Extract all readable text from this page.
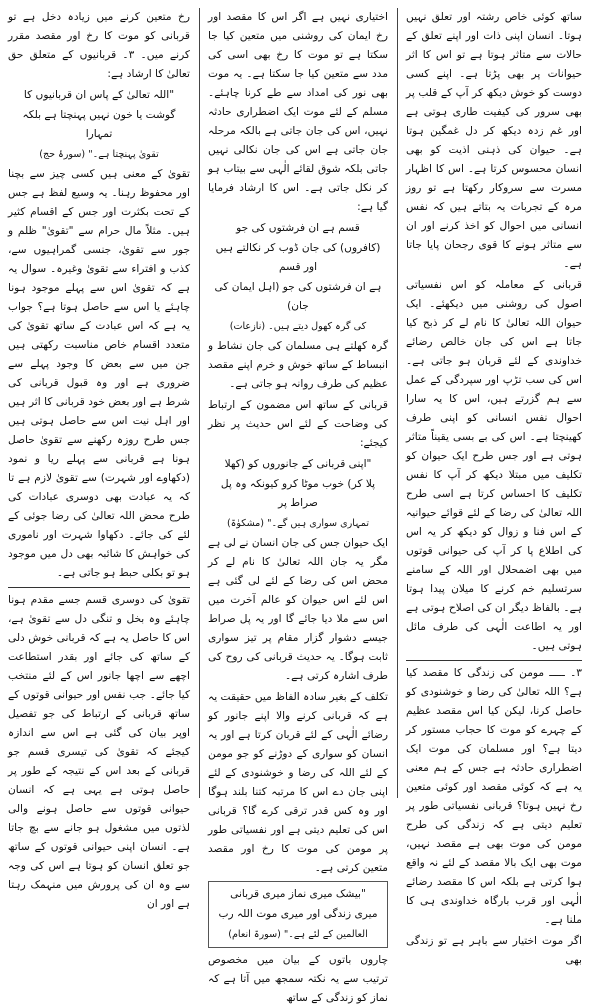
ساتھ کوئی خاص رشتہ اور تعلق نہیں ہوتا۔ انسان اپنی ذات اور اپنے تعلق کے حالات سے متاثر ہوتا ہے تو اس کا اثر حیوانات پر بھی پڑتا ہے۔ اپنے کسی دوست کو خوش دیکھ کر آپ کے قلب پر بھی سرور کی کیفیت طاری ہوتی ہے اور غم زدہ دیکھ کر دل غمگین ہوتا ہے۔ حیوان کی ذہنی اذیت کو بھی انسان محسوس کرتا ہے۔ اس کا اظہار مسرت سے سروکار رکھتا ہے تو روز مرہ کے تجربات یہ بتاتے ہیں کہ نفس انسانی میں احوال کو اخذ کرنے اور ان سے متاثر ہونے کا قوی رجحان پایا جاتا ہے۔

قربانی کے معاملہ کو اس نفسیاتی اصول کی روشنی میں دیکھئے۔ ایک حیوان اللہ تعالیٰ کا نام لے کر ذبح کیا جاتا ہے اس کی جان خالص رضائے خداوندی کے لئے قربان ہو جاتی ہے۔ اس کی سب تڑپ اور سپردگی کے عمل سے ہم گزرتے ہیں، اس کا یہ سارا احوال نفس انسانی کو اپنی طرف کھینچتا ہے۔ اس کی بے بسی یقیناً متاثر ہوتی ہے اور جس طرح ایک حیوان کو تکلیف میں مبتلا دیکھ کر آپ کا نفس تکلیف کا احساس کرتا ہے اسی طرح اللہ تعالیٰ کی رضا کے لئے قوائے حیوانیہ کے اس فنا و زوال کو دیکھ کر یہ اس کی اطلاع پا کر آپ کی حیوانی قوتوں میں بھی اضمحلال اور اللہ کے سامنے سرتسلیم خم کرنے کا میلان پیدا ہوتا ہے۔ بالفاظ دیگر ان کی اصلاح ہوتی ہے اور یہ اطاعت الٰہی کی طرف مائل ہوتی ہیں۔

۳۔ ـــــ مومن کی زندگی کا مقصد کیا ہے؟ اللہ تعالیٰ کی رضا و خوشنودی کو حاصل کرنا، لیکن کیا اس مقصد عظیم کے چہرے کو موت کا حجاب مستور کر دیتا ہے؟ اور مسلمان کی موت ایک اضطراری حادثہ ہے جس کے ہم معنی یہ ہے کہ کوئی مقصد اور کوئی متعین رخ نہیں ہوتا؟ قربانی نفسیاتی طور پر تعلیم دیتی ہے کہ زندگی کی طرح مومن کی موت بھی ہے مقصد نہیں، موت بھی ایک بالا مقصد کے لئے نہ واقع ہوا کرتی ہے بلکہ اس کا مقصد رضائے الٰہی اور قرب بارگاہ خداوندی ہی کا ملنا ہے۔

اگر موت اختیار سے باہر ہے تو زندگی بھی

اختیاری نہیں ہے اگر اس کا مقصد اور رخ ایمان کی روشنی میں متعین کیا جا سکتا ہے تو موت کا رخ بھی اسی کی مدد سے متعین کیا جا سکتا ہے۔ یہ موت بھی نور کی امداد سے طے کرنا چاہئے۔ مسلم کے لئے موت ایک اضطراری حادثہ نہیں، اس کی جان جاتی ہے بالکہ مرحلہ جان جاتی ہے اس کی جان نکالی نہیں جاتی بلکہ شوق لقائے الٰہی سے بیتاب ہو کر نکل جاتی ہے۔ اس کا ارشاد فرمایا گیا ہے:

قسم ہے ان فرشتوں کی جو

(کافروں) کی جان ڈوب کر نکالتے ہیں اور قسم

ہے ان فرشتوں کی جو (اہل ایمان کی جان)

کی گرہ کھول دیتے ہیں۔ (نازعات)

گرہ کھلتے ہی مسلمان کی جان نشاط و انبساط کے ساتھ خوش و خرم اپنے مقصد عظیم کی طرف روانہ ہو جاتی ہے۔

قربانی کے ساتھ اس مضمون کے ارتباط کی وضاحت کے لئے اس حدیث پر نظر کیجئے:

"اپنی قربانی کے جانوروں کو (کھلا

پلا کر) خوب موٹا کرو کیونکہ وہ پل صراط پر

تمہاری سواری ہیں گے۔" (مشکوٰۃ)

ایک حیوان جس کی جان انسان نے لی ہے مگر یہ جان اللہ تعالیٰ کا نام لے کر محض اس کی رضا کے لئے لی گئی ہے اس لئے اس حیوان کو عالم آخرت میں اس سے ملا دیا جائے گا اور یہ پل صراط جیسے دشوار گزار مقام پر تیز سواری ثابت ہوگا۔ یہ حدیث قربانی کی روح کی طرف اشارہ کرتی ہے۔

تکلف کے بغیر سادہ الفاظ میں حقیقت یہ ہے کہ قربانی کرنے والا اپنے جانور کو رضائے الٰہی کے لئے قربان کرتا ہے اور یہ انسان کو سواری کے دوڑنے کو جو مومن کے لئے اللہ کی رضا و خوشنودی کے لئے اپنی جان دے اس کا مرتبہ کتنا بلند ہوگا اور وہ کس قدر ترقی کرے گا؟ قربانی اس کی تعلیم دیتی ہے اور نفسیاتی طور پر مومن کی موت کا رخ اور مقصد متعین کرتی ہے۔

"بیشک میری نماز میری قربانی

میری زندگی اور میری موت اللہ رب

العالمین کے لئے ہے۔" (سورۃ انعام)

چاروں باتوں کے بیان میں مخصوص ترتیب سے یہ نکتہ سمجھ میں آتا ہے کہ نماز کو زندگی کے ساتھ

رخ متعین کرنے میں زیادہ دخل ہے تو قربانی کو موت کا رخ اور مقصد مقرر کرنے میں۔ ۳۔ قربانیوں کے متعلق حق تعالیٰ کا ارشاد ہے:

"اللہ تعالیٰ کے پاس ان قربانیوں کا

گوشت یا خون نہیں پہنچتا ہے بلکہ تمہارا

تقویٰ پہنچتا ہے۔" (سورۂ حج)

تقویٰ کے معنی ہیں کسی چیز سے بچنا اور محفوظ رہنا۔ یہ وسیع لفظ ہے جس کے تحت بکثرت اور جس کے اقسام کثیر ہیں۔ مثلاً مال حرام سے "تقویٰ" ظلم و جور سے تقویٰ، جنسی گمراہیوں سے، کذب و افتراء سے تقویٰ وغیرہ۔ سوال یہ ہے کہ تقویٰ اس سے پہلے موجود ہونا چاہئے یا اس سے حاصل ہوتا ہے؟ جواب یہ ہے کہ اس عبادت کے ساتھ تقویٰ کی متعدد اقسام خاص مناسبت رکھتی ہیں جن میں سے بعض کا وجود پہلے سے ضروری ہے اور وہ قبول قربانی کی شرط ہے اور بعض خود قربانی کا اثر ہیں اور اہل نیت اس سے حاصل ہوتی ہیں جس طرح روزہ رکھنے سے تقویٰ حاصل ہونا ہے قربانی سے پہلے ریا و نمود (دکھاوے اور شہرت) سے تقویٰ لازم ہے تا کہ یہ عبادت بھی دوسری عبادات کی طرح محض اللہ تعالیٰ کی رضا جوئی کے لئے کی جائے۔ دکھاوا شہرت اور ناموری کی خواہش کا شائبہ بھی دل میں موجود ہو تو بکلی حبط ہو جاتی ہے۔

تقویٰ کی دوسری قسم جسے مقدم ہونا چاہئے وہ بخل و تنگی دل سے تقویٰ ہے، اس کا حاصل یہ ہے کہ قربانی خوش دلی کے ساتھ کی جائے اور بقدر استطاعت اچھے سے اچھا جانور اس کے لئے منتخب کیا جائے۔ جب نفس اور حیوانی قوتوں کے ساتھ قربانی کے ارتباط کی جو تفصیل اوپر بیان کی گئی ہے اس سے اندازہ کیجئے کہ تقویٰ کی تیسری قسم جو قربانی کے بعد اس کے نتیجہ کے طور پر حاصل ہوتی ہے یہی ہے کہ انسان حیوانی قوتوں سے حاصل ہونے والی لذتوں میں مشغول ہو جانے سے بچ جاتا ہے۔ انسان اپنی حیوانی قوتوں کے ساتھ جو تعلق انسان کو ہوتا ہے اس کی وجہ سے وہ ان کی پرورش میں منہمک رہتا ہے اور ان
